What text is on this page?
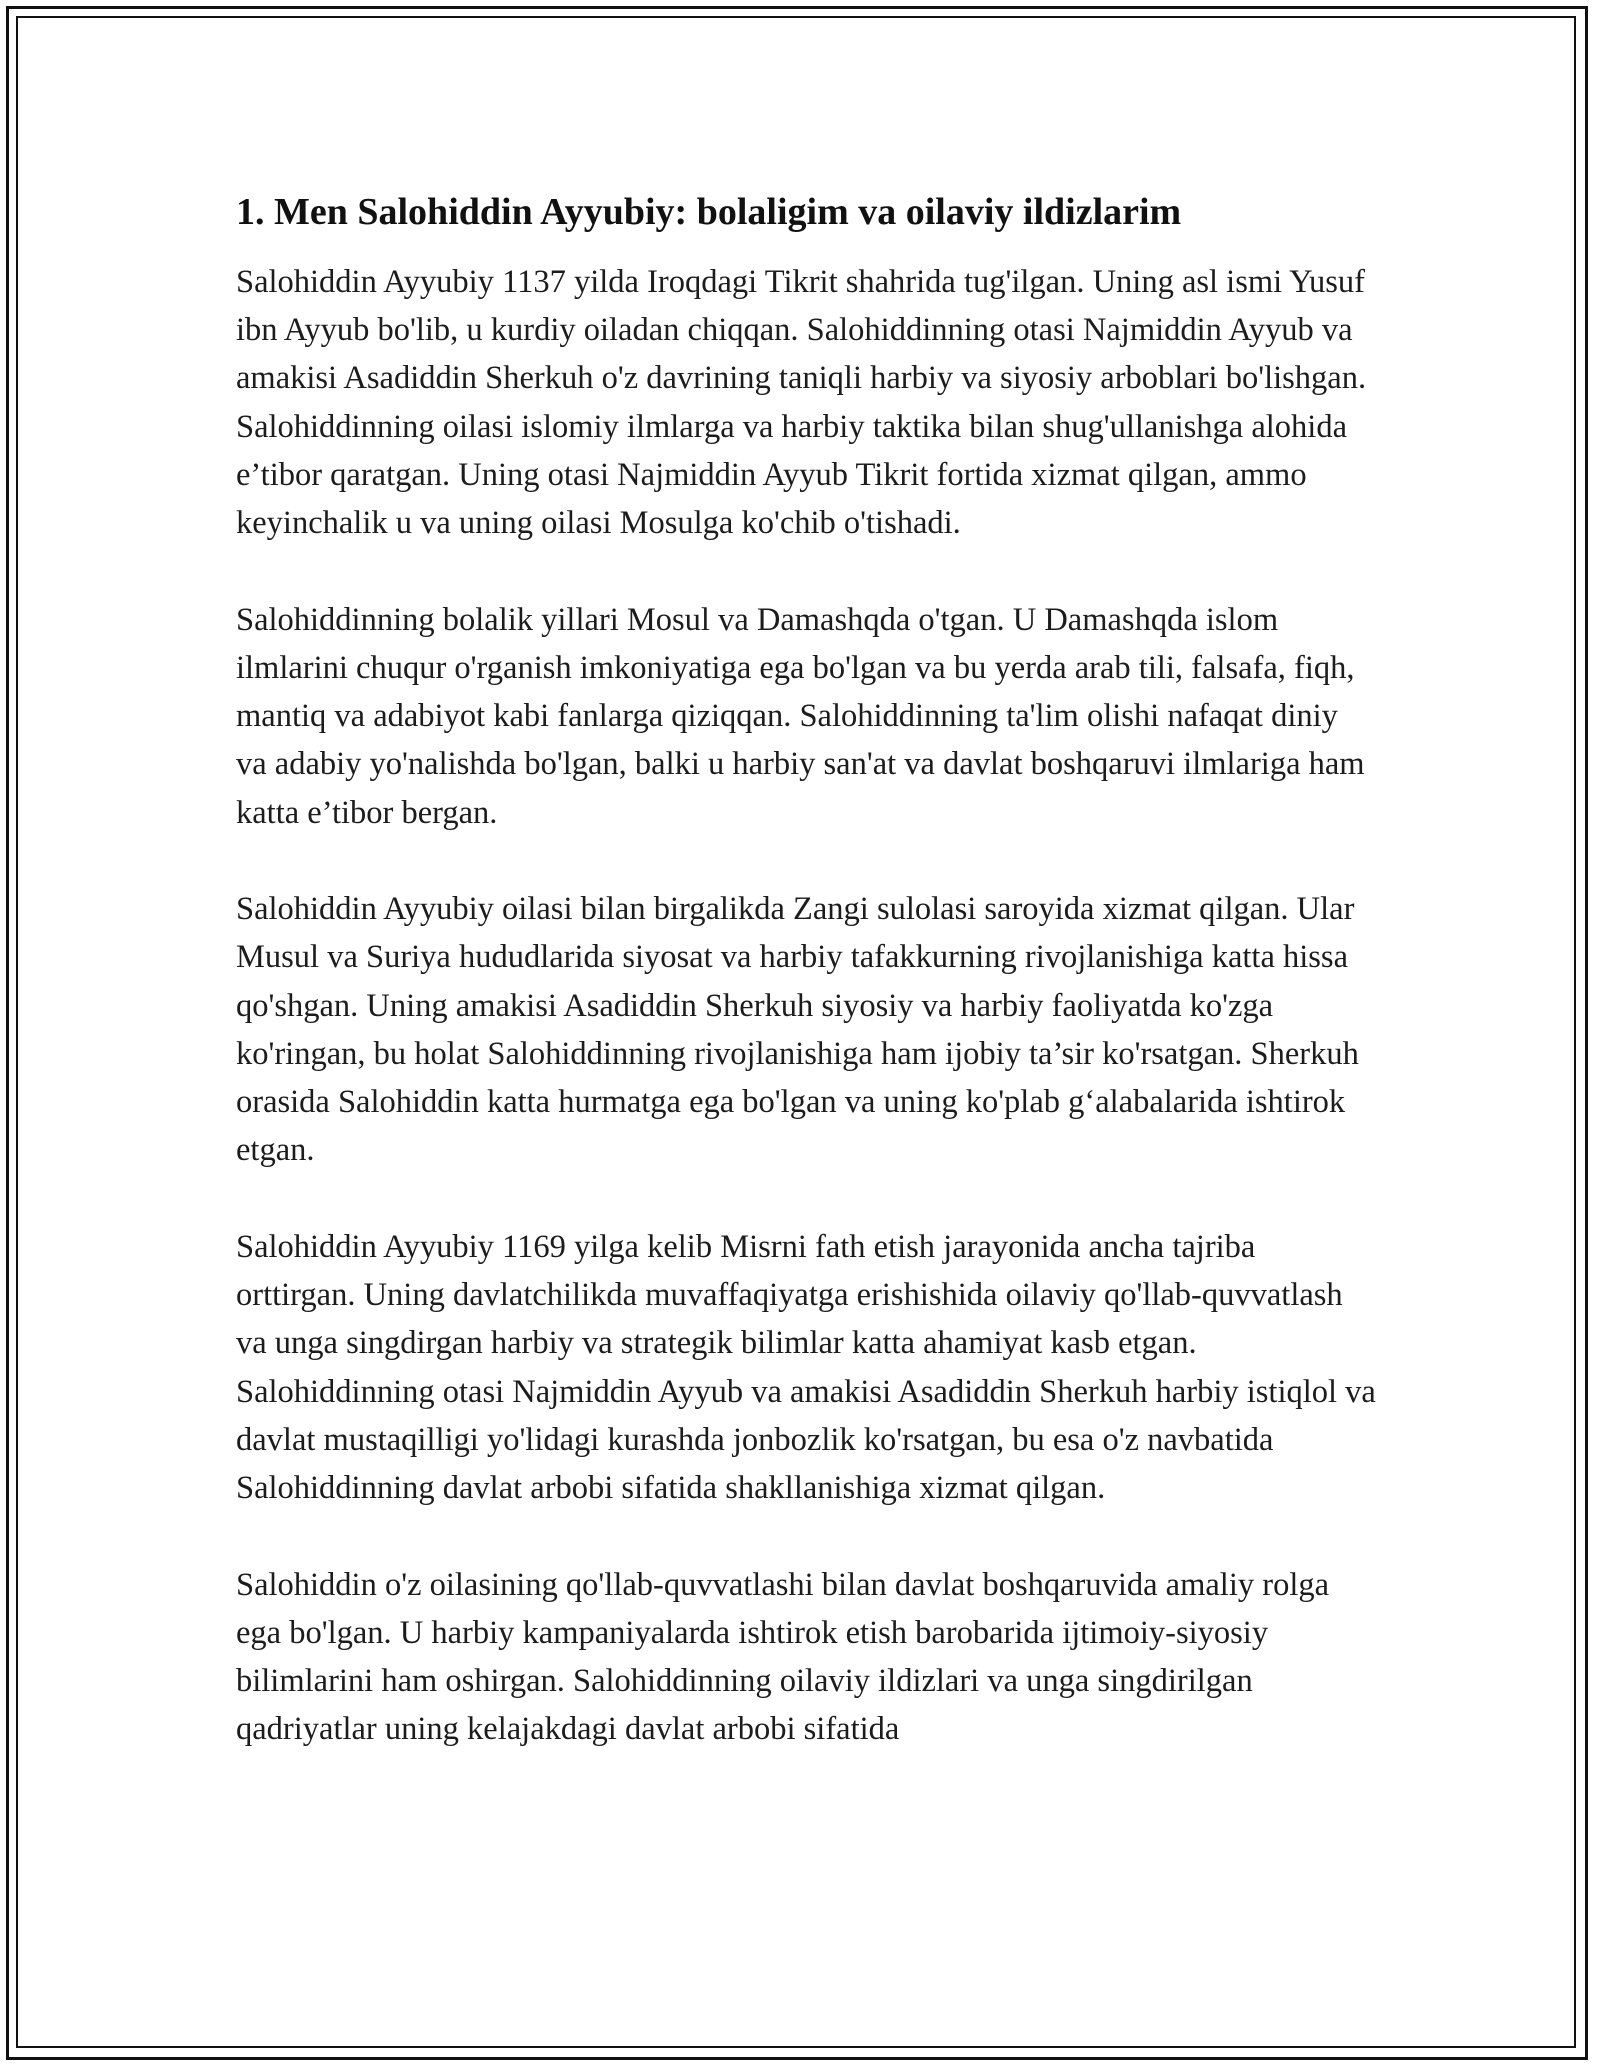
1. Men Salohiddin Ayyubiy: bolaligim va oilaviy ildizlarim

Salohiddin Ayyubiy 1137 yilda Iroqdagi Tikrit shahrida tug'ilgan. Uning asl ismi Yusuf ibn Ayyub bo'lib, u kurdiy oiladan chiqqan. Salohiddinning otasi Najmiddin Ayyub va amakisi Asadiddin Sherkuh o'z davrining taniqli harbiy va siyosiy arboblari bo'lishgan. Salohiddinning oilasi islomiy ilmlarga va harbiy taktika bilan shug'ullanishga alohida e’tibor qaratgan. Uning otasi Najmiddin Ayyub Tikrit fortida xizmat qilgan, ammo keyinchalik u va uning oilasi Mosulga ko'chib o'tishadi.

Salohiddinning bolalik yillari Mosul va Damashqda o'tgan. U Damashqda islom ilmlarini chuqur o'rganish imkoniyatiga ega bo'lgan va bu yerda arab tili, falsafa, fiqh, mantiq va adabiyot kabi fanlarga qiziqqan. Salohiddinning ta'lim olishi nafaqat diniy va adabiy yo'nalishda bo'lgan, balki u harbiy san'at va davlat boshqaruvi ilmlariga ham katta e’tibor bergan.

Salohiddin Ayyubiy oilasi bilan birgalikda Zangi sulolasi saroyida xizmat qilgan. Ular Musul va Suriya hududlarida siyosat va harbiy tafakkurning rivojlanishiga katta hissa qo'shgan. Uning amakisi Asadiddin Sherkuh siyosiy va harbiy faoliyatda ko'zga ko'ringan, bu holat Salohiddinning rivojlanishiga ham ijobiy ta’sir ko'rsatgan. Sherkuh orasida Salohiddin katta hurmatga ega bo'lgan va uning ko'plab g‘alabalarida ishtirok etgan.

Salohiddin Ayyubiy 1169 yilga kelib Misrni fath etish jarayonida ancha tajriba orttirgan. Uning davlatchilikda muvaffaqiyatga erishishida oilaviy qo'llab-quvvatlash va unga singdirgan harbiy va strategik bilimlar katta ahamiyat kasb etgan. Salohiddinning otasi Najmiddin Ayyub va amakisi Asadiddin Sherkuh harbiy istiqlol va davlat mustaqilligi yo'lidagi kurashda jonbozlik ko'rsatgan, bu esa o'z navbatida Salohiddinning davlat arbobi sifatida shakllanishiga xizmat qilgan.

Salohiddin o'z oilasining qo'llab-quvvatlashi bilan davlat boshqaruvida amaliy rolga ega bo'lgan. U harbiy kampaniyalarda ishtirok etish barobarida ijtimoiy-siyosiy bilimlarini ham oshirgan. Salohiddinning oilaviy ildizlari va unga singdirilgan qadriyatlar uning kelajakdagi davlat arbobi sifatida
